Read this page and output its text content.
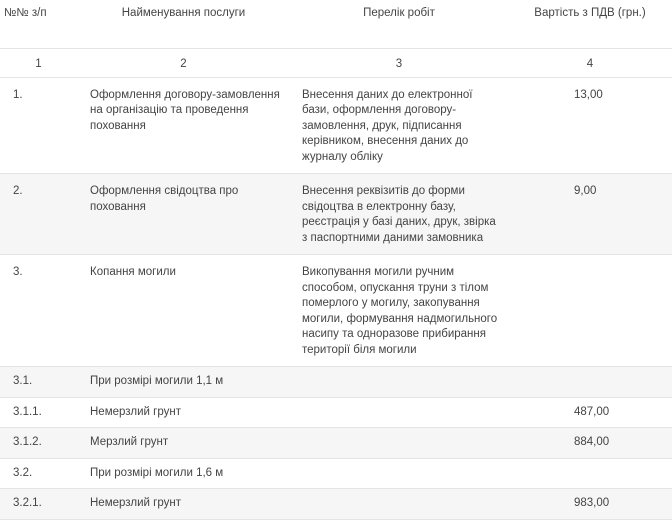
№№ з/п	Найменування послуги	Перелік робіт	Вартість з ПДВ (грн.)
1	2	3	4
1.	Оформлення договору-замовлення на організацію та проведення поховання	Внесення даних до електронної бази, оформлення договору-замовлення, друк, підписання керівником, внесення даних до журналу обліку	13,00
2.	Оформлення свідоцтва про поховання	Внесення реквізитів до форми свідоцтва в електронну базу, реєстрація у базі даних, друк, звірка з паспортними даними замовника	9,00
3.	Копання могили	Викопування могили ручним способом, опускання труни з тілом померлого у могилу, закопування могили, формування надмогильного насипу та одноразове прибирання території біля могили	
3.1.	При розмірі могили 1,1 м		
3.1.1.	Немерзлий грунт		487,00
3.1.2.	Мерзлий грунт		884,00
3.2.	При розмірі могили 1,6 м		
3.2.1.	Немерзлий грунт		983,00
